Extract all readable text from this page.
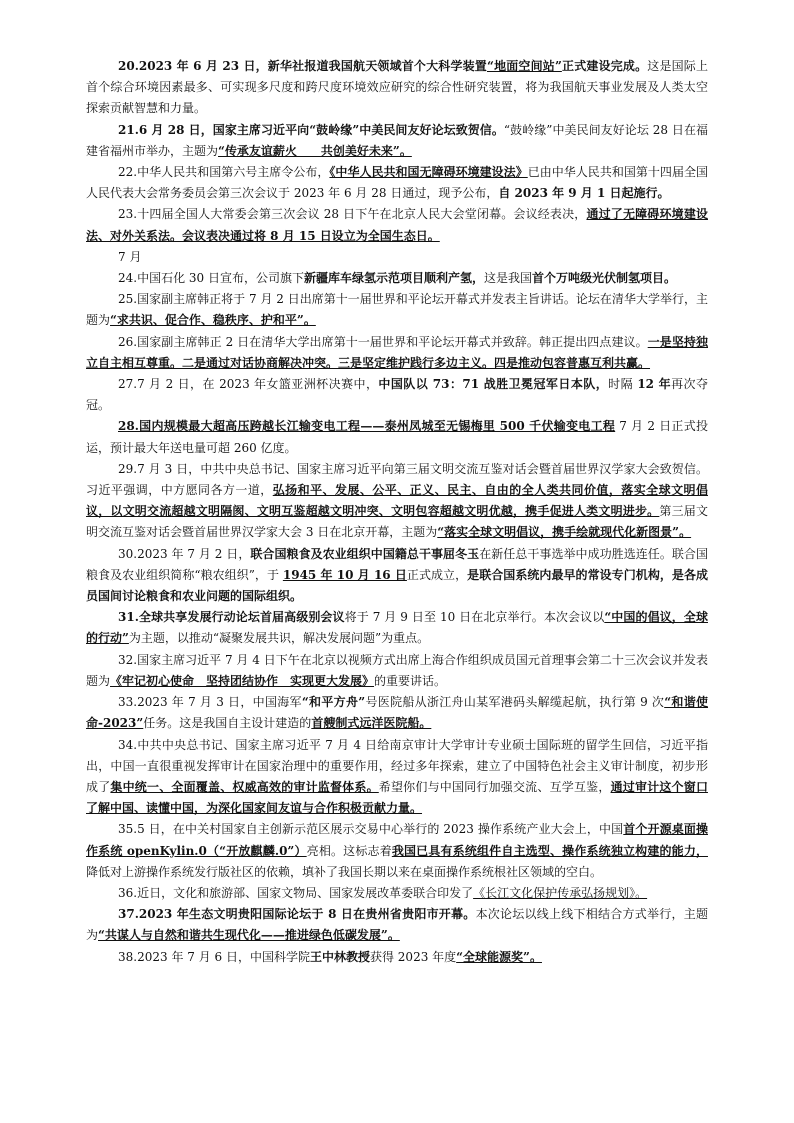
20.2023 年 6 月 23 日，新华社报道我国航天领域首个大科学装置“地面空间站”正式建设完成。这是国际上首个综合环境因素最多、可实现多尺度和跨尺度环境效应研究的综合性研究装置，将为我国航天事业发展及人类太空探索贡献智慧和力量。

21.6 月 28 日，国家主席习近平向“鼓岭缘”中美民间友好论坛致贺信。“鼓岭缘”中美民间友好论坛 28 日在福建省福州市举办，主题为“传承友谊薪火　　共创美好未来”。

22.中华人民共和国第六号主席令公布，《中华人民共和国无障碍环境建设法》已由中华人民共和国第十四届全国人民代表大会常务委员会第三次会议于 2023 年 6 月 28 日通过，现予公布，自 2023 年 9 月 1 日起施行。

23.十四届全国人大常委会第三次会议 28 日下午在北京人民大会堂闭幕。会议经表决，通过了无障碍环境建设法、对外关系法。会议表决通过将 8 月 15 日设立为全国生态日。

7 月

24.中国石化 30 日宣布，公司旗下新疆库车绿氢示范项目顺利产氢，这是我国首个万吨级光伏制氢项目。

25.国家副主席韩正将于 7 月 2 日出席第十一届世界和平论坛开幕式并发表主旨讲话。论坛在清华大学举行，主题为“求共识、促合作、稳秩序、护和平”。

26.国家副主席韩正 2 日在清华大学出席第十一届世界和平论坛开幕式并致辞。韩正提出四点建议。一是坚持独立自主相互尊重。二是通过对话协商解决冲突。三是坚定维护践行多边主义。四是推动包容普惠互利共赢。

27.7 月 2 日，在 2023 年女篮亚洲杯决赛中，中国队以 73：71 战胜卫冕冠军日本队，时隔 12 年再次夺冠。

28.国内规模最大超高压跨越长江输变电工程——泰州凤城至无锡梅里 500 千伏输变电工程 7 月 2 日正式投运，预计最大年送电量可超 260 亿度。

29.7 月 3 日，中共中央总书记、国家主席习近平向第三届文明交流互鉴对话会暨首届世界汉学家大会致贺信。习近平强调，中方愿同各方一道，弘扬和平、发展、公平、正义、民主、自由的全人类共同价值，落实全球文明倡议，以文明交流超越文明隔阂、文明互鉴超越文明冲突、文明包容超越文明优越，携手促进人类文明进步。第三届文明交流互鉴对话会暨首届世界汉学家大会 3 日在北京开幕，主题为“落实全球文明倡议，携手绘就现代化新图景”。

30.2023 年 7 月 2 日，联合国粮食及农业组织中国籍总干事屈冬玉在新任总干事选举中成功胜选连任。联合国粮食及农业组织简称“粮农组织”，于 1945 年 10 月 16 日正式成立，是联合国系统内最早的常设专门机构，是各成员国间讨论粮食和农业问题的国际组织。

31.全球共享发展行动论坛首届高级别会议将于 7 月 9 日至 10 日在北京举行。本次会议以“中国的倡议，全球的行动”为主题，以推动“凝聚发展共识，解决发展问题”为重点。

32.国家主席习近平 7 月 4 日下午在北京以视频方式出席上海合作组织成员国元首理事会第二十三次会议并发表题为《牢记初心使命　坚持团结协作　实现更大发展》的重要讲话。

33.2023 年 7 月 3 日，中国海军“和平方舟”号医院船从浙江舟山某军港码头解缆起航，执行第 9 次“和谐使命-2023”任务。这是我国自主设计建造的首艘制式远洋医院船。

34.中共中央总书记、国家主席习近平 7 月 4 日给南京审计大学审计专业硕士国际班的留学生回信，习近平指出，中国一直很重视发挥审计在国家治理中的重要作用，经过多年探索，建立了中国特色社会主义审计制度，初步形成了集中统一、全面覆盖、权威高效的审计监督体系。希望你们与中国同行加强交流、互学互鉴，通过审计这个窗口了解中国、读懂中国，为深化国家间友谊与合作积极贡献力量。

35.5 日，在中关村国家自主创新示范区展示交易中心举行的 2023 操作系统产业大会上，中国首个开源桌面操作系统 openKylin.0（“开放麒麟.0”）亮相。这标志着我国已具有系统组件自主选型、操作系统独立构建的能力，降低对上游操作系统发行版社区的依赖，填补了我国长期以来在桌面操作系统根社区领域的空白。

36.近日，文化和旅游部、国家文物局、国家发展改革委联合印发了《长江文化保护传承弘扬规划》。

37.2023 年生态文明贵阳国际论坛于 8 日在贵州省贵阳市开幕。本次论坛以线上线下相结合方式举行，主题为“共谋人与自然和谐共生现代化——推进绿色低碳发展”。

38.2023 年 7 月 6 日，中国科学院王中林教授获得 2023 年度“全球能源奖”。
